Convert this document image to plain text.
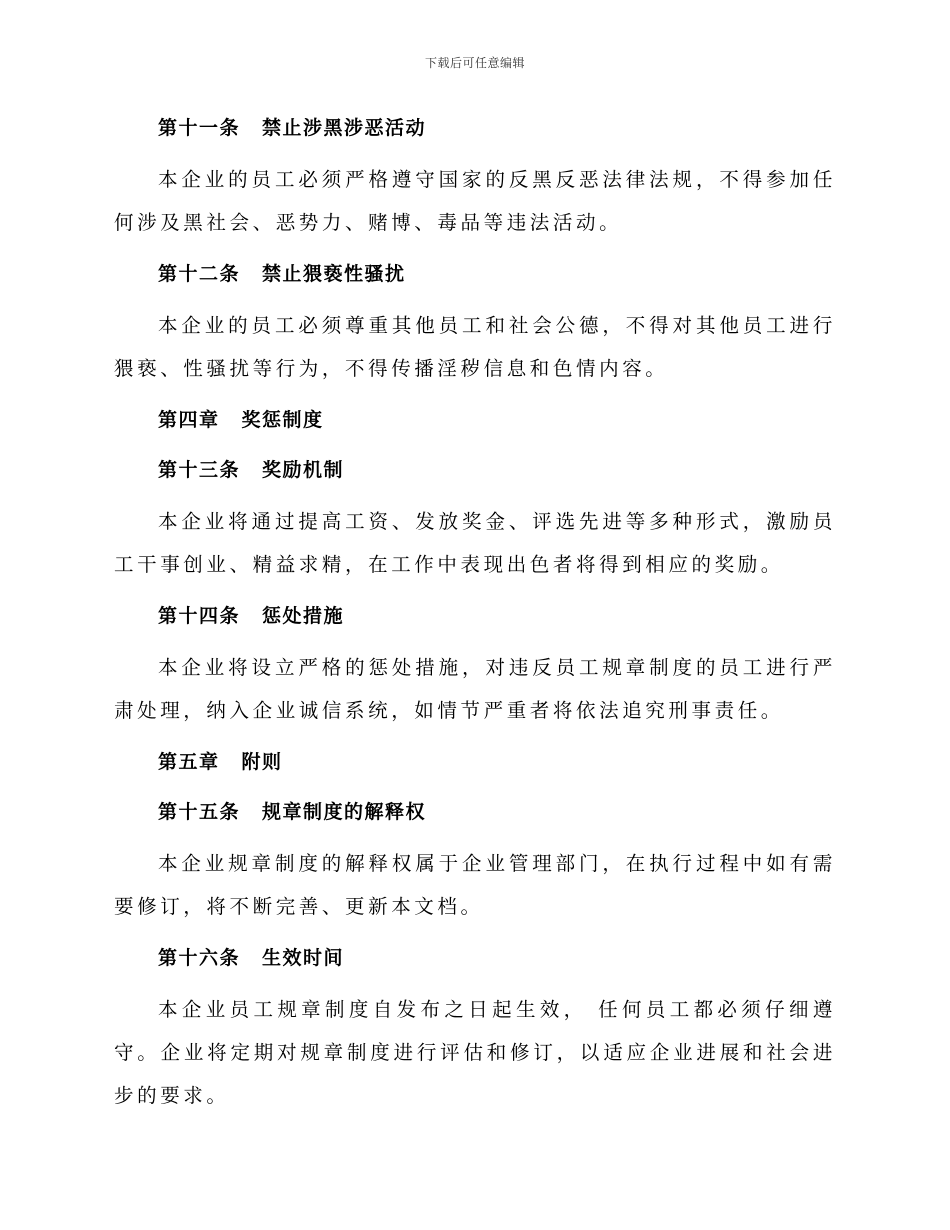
下载后可任意编辑
第十一条 禁止涉黑涉恶活动
本企业的员工必须严格遵守国家的反黑反恶法律法规，不得参加任何涉及黑社会、恶势力、赌博、毒品等违法活动。
第十二条 禁止猥亵性骚扰
本企业的员工必须尊重其他员工和社会公德，不得对其他员工进行猥亵、性骚扰等行为，不得传播淫秽信息和色情内容。
第四章 奖惩制度
第十三条 奖励机制
本企业将通过提高工资、发放奖金、评选先进等多种形式，激励员工干事创业、精益求精，在工作中表现出色者将得到相应的奖励。
第十四条 惩处措施
本企业将设立严格的惩处措施，对违反员工规章制度的员工进行严肃处理，纳入企业诚信系统，如情节严重者将依法追究刑事责任。
第五章 附则
第十五条 规章制度的解释权
本企业规章制度的解释权属于企业管理部门，在执行过程中如有需要修订，将不断完善、更新本文档。
第十六条 生效时间
本企业员工规章制度自发布之日起生效， 任何员工都必须仔细遵守。企业将定期对规章制度进行评估和修订，以适应企业进展和社会进步的要求。
